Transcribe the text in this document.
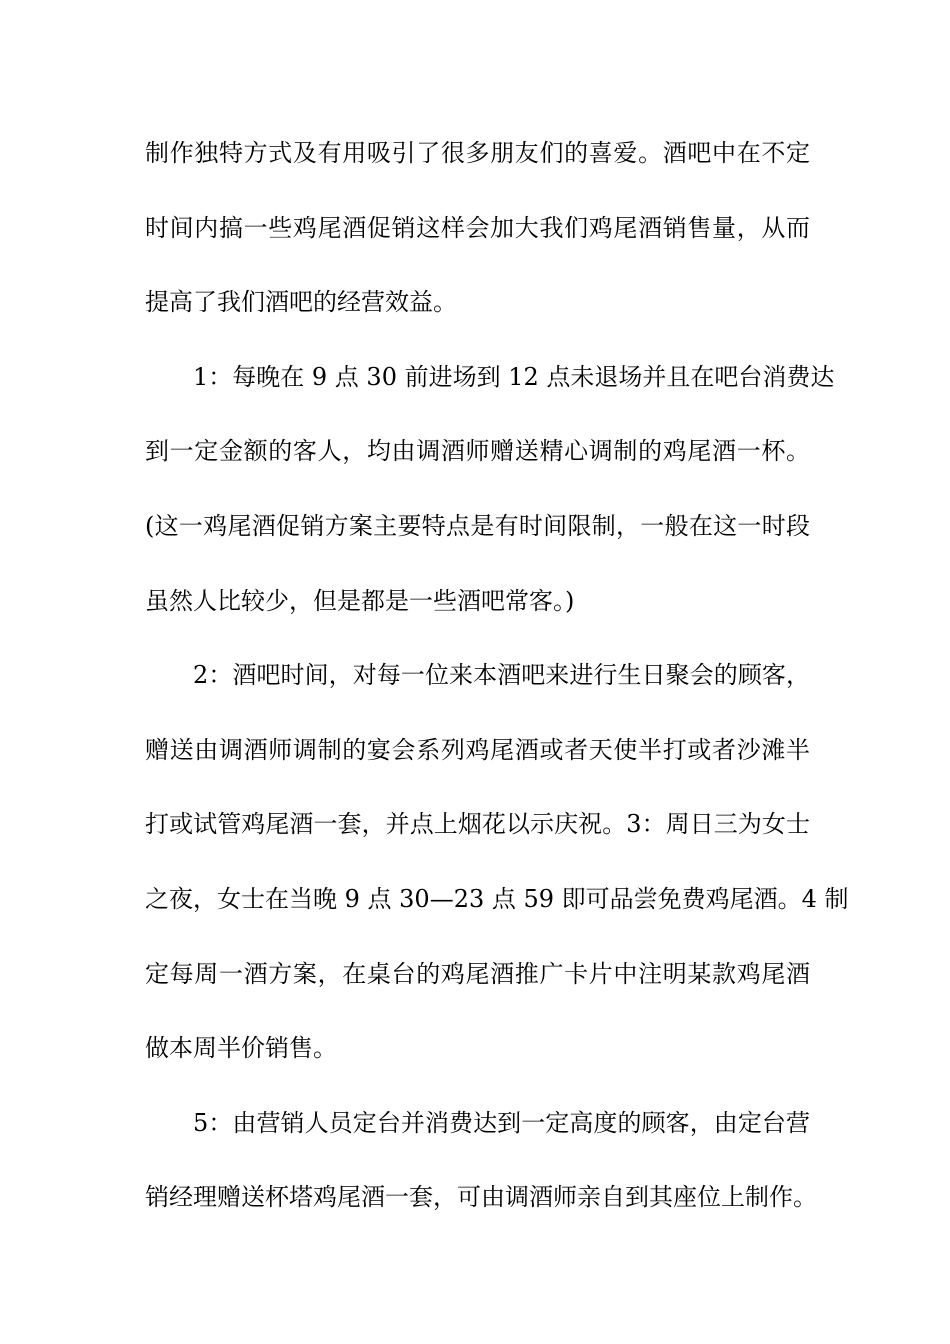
制作独特方式及有用吸引了很多朋友们的喜爱。酒吧中在不定
时间内搞一些鸡尾酒促销这样会加大我们鸡尾酒销售量，从而
提高了我们酒吧的经营效益。
1：每晚在 9 点 30 前进场到 12 点未退场并且在吧台消费达
到一定金额的客人，均由调酒师赠送精心调制的鸡尾酒一杯。
(这一鸡尾酒促销方案主要特点是有时间限制，一般在这一时段
虽然人比较少，但是都是一些酒吧常客。)
2：酒吧时间，对每一位来本酒吧来进行生日聚会的顾客，
赠送由调酒师调制的宴会系列鸡尾酒或者天使半打或者沙滩半
打或试管鸡尾酒一套，并点上烟花以示庆祝。3：周日三为女士
之夜，女士在当晚 9 点 30—23 点 59 即可品尝免费鸡尾酒。4 制
定每周一酒方案，在桌台的鸡尾酒推广卡片中注明某款鸡尾酒
做本周半价销售。
5：由营销人员定台并消费达到一定高度的顾客，由定台营
销经理赠送杯塔鸡尾酒一套，可由调酒师亲自到其座位上制作。
